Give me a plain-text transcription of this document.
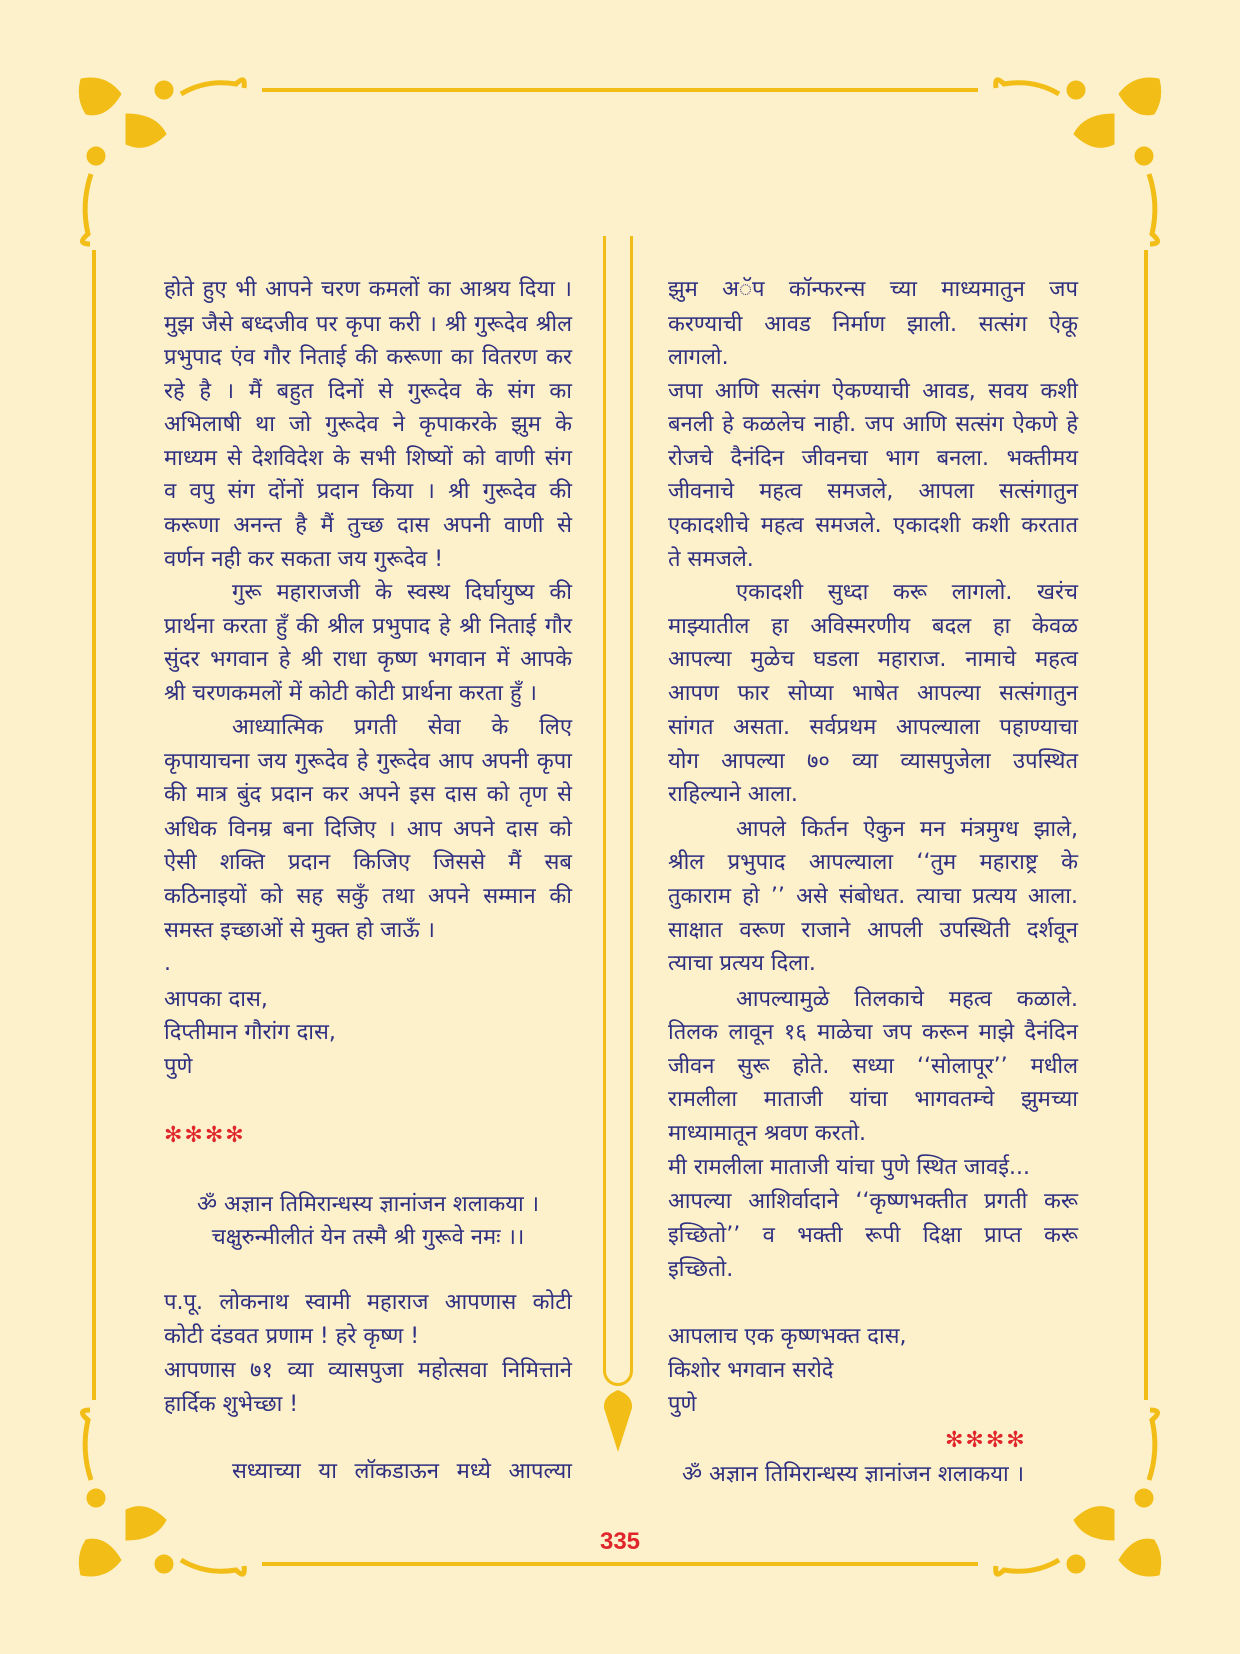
होते हुए भी आपने चरण कमलों का आश्रय दिया ।
मुझ जैसे बध्दजीव पर कृपा करी । श्री गुरूदेव श्रील
प्रभुपाद एंव गौर निताई की करूणा का वितरण कर
रहे है । मैं बहुत दिनों से गुरूदेव के संग का
अभिलाषी था जो गुरूदेव ने कृपाकरके झुम के
माध्यम से देशविदेश के सभी शिष्यों को वाणी संग
व वपु संग दोंनों प्रदान किया । श्री गुरूदेव की
करूणा अनन्त है मैं तुच्छ दास अपनी वाणी से
वर्णन नही कर सकता जय गुरूदेव !
गुरू महाराजजी के स्वस्थ दिर्घायुष्य की
प्रार्थना करता हुँ की श्रील प्रभुपाद हे श्री निताई गौर
सुंदर भगवान हे श्री राधा कृष्ण भगवान में आपके
श्री चरणकमलों में कोटी कोटी प्रार्थना करता हुँ ।
आध्यात्मिक प्रगती सेवा के लिए
कृपायाचना जय गुरूदेव हे गुरूदेव आप अपनी कृपा
की मात्र बुंद प्रदान कर अपने इस दास को तृण से
अधिक विनम्र बना दिजिए । आप अपने दास को
ऐसी शक्ति प्रदान किजिए जिससे मैं सब
कठिनाइयों को सह सकुँ तथा अपने सम्मान की
समस्त इच्छाओं से मुक्त हो जाऊँ ।
.
आपका दास,
दिप्तीमान गौरांग दास,
पुणे
ॐ अज्ञान तिमिरान्धस्य ज्ञानांजन शलाकया ।
चक्षुरुन्मीलीतं येन तस्मै श्री गुरूवे नमः ।।
प.पू. लोकनाथ स्वामी महाराज आपणास कोटी
कोटी दंडवत प्रणाम ! हरे कृष्ण !
आपणास ७१ व्या व्यासपुजा महोत्सवा निमित्ताने
हार्दिक शुभेच्छा !
सध्याच्या या लॉकडाऊन मध्ये आपल्या
झुम अॅप कॉन्फरन्स च्या माध्यमातुन जप
करण्याची आवड निर्माण झाली. सत्संग ऐकू
लागलो.
जपा आणि सत्संग ऐकण्याची आवड, सवय कशी
बनली हे कळलेच नाही. जप आणि सत्संग ऐकणे हे
रोजचे दैनंदिन जीवनचा भाग बनला. भक्तीमय
जीवनाचे महत्व समजले, आपला सत्संगातुन
एकादशीचे महत्व समजले. एकादशी कशी करतात
ते समजले.
एकादशी सुध्दा करू लागलो. खरंच
माझ्यातील हा अविस्मरणीय बदल हा केवळ
आपल्या मुळेच घडला महाराज. नामाचे महत्व
आपण फार सोप्या भाषेत आपल्या सत्संगातुन
सांगत असता. सर्वप्रथम आपल्याला पहाण्याचा
योग आपल्या ७० व्या व्यासपुजेला उपस्थित
राहिल्याने आला.
आपले किर्तन ऐकुन मन मंत्रमुग्ध झाले,
श्रील प्रभुपाद आपल्याला ‘‘तुम महाराष्ट्र के
तुकाराम हो ’’ असे संबोधत. त्याचा प्रत्यय आला.
साक्षात वरूण राजाने आपली उपस्थिती दर्शवून
त्याचा प्रत्यय दिला.
आपल्यामुळे तिलकाचे महत्व कळाले.
तिलक लावून १६ माळेचा जप करून माझे दैनंदिन
जीवन सुरू होते. सध्या ‘‘सोलापूर’’ मधील
रामलीला माताजी यांचा भागवतम्चे झुमच्या
माध्यामातून श्रवण करतो.
मी रामलीला माताजी यांचा पुणे स्थित जावई...
आपल्या आशिर्वादाने ‘‘कृष्णभक्तीत प्रगती करू
इच्छितो’’ व भक्ती रूपी दिक्षा प्राप्त करू
इच्छितो.
आपलाच एक कृष्णभक्त दास,
किशोर भगवान सरोदे
पुणे
ॐ अज्ञान तिमिरान्धस्य ज्ञानांजन शलाकया ।
✻✻✻✻
✻✻✻✻
335
